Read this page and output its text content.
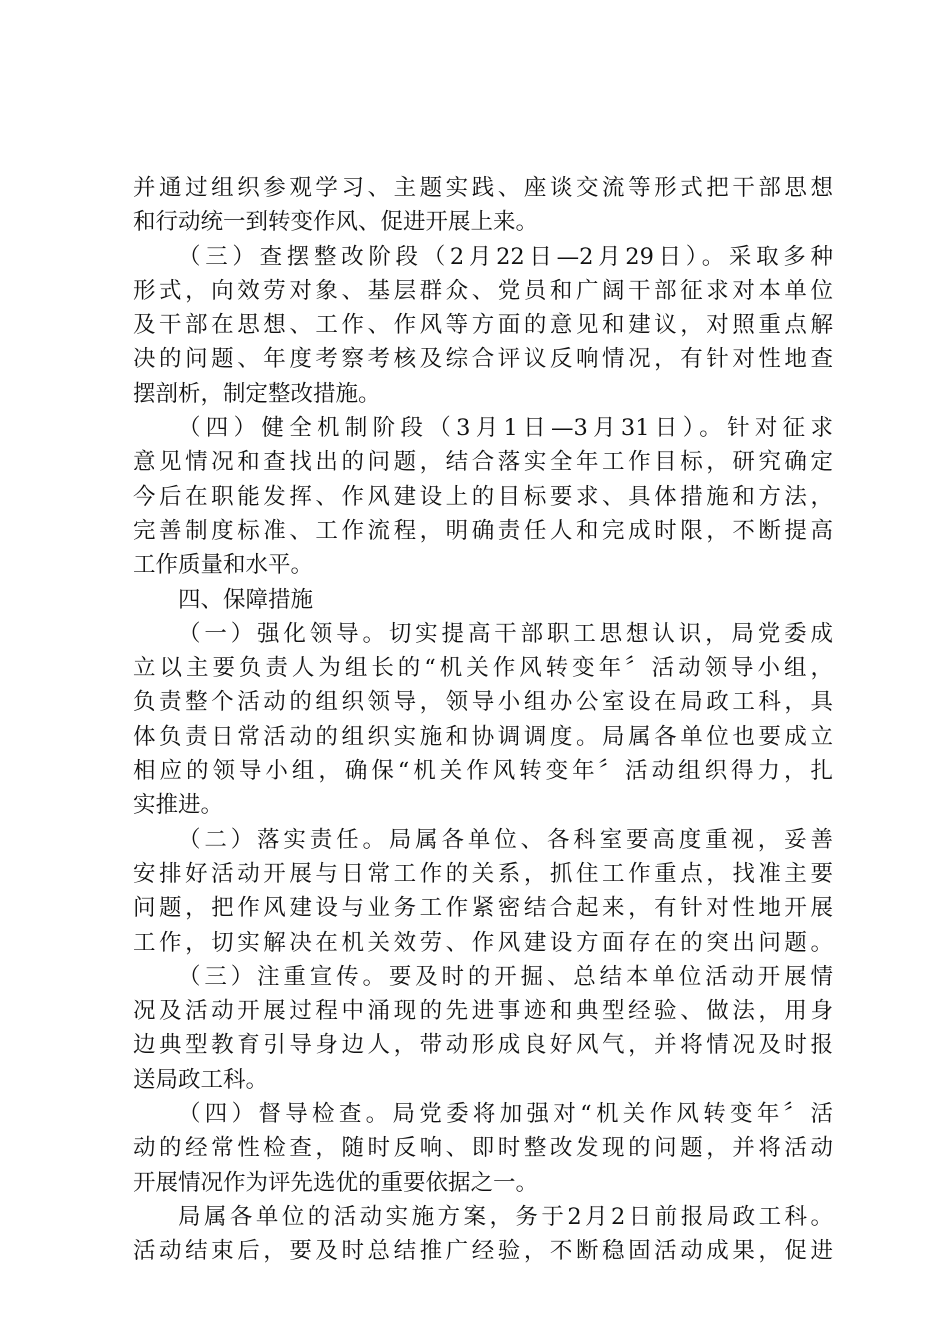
并通过组织参观学习、主题实践、座谈交流等形式把干部思想
和行动统一到转变作风、促进开展上来。
（三）查摆整改阶段（2月22日—2月29日）。采取多种
形式，向效劳对象、基层群众、党员和广阔干部征求对本单位
及干部在思想、工作、作风等方面的意见和建议，对照重点解
决的问题、年度考察考核及综合评议反响情况，有针对性地查
摆剖析，制定整改措施。
（四）健全机制阶段（3月1日—3月31日）。针对征求
意见情况和查找出的问题，结合落实全年工作目标，研究确定
今后在职能发挥、作风建设上的目标要求、具体措施和方法，
完善制度标准、工作流程，明确责任人和完成时限，不断提高
工作质量和水平。
四、保障措施
（一）强化领导。切实提高干部职工思想认识，局党委成
立以主要负责人为组长的“机关作风转变年〞活动领导小组，
负责整个活动的组织领导，领导小组办公室设在局政工科，具
体负责日常活动的组织实施和协调调度。局属各单位也要成立
相应的领导小组，确保“机关作风转变年〞活动组织得力，扎
实推进。
（二）落实责任。局属各单位、各科室要高度重视，妥善
安排好活动开展与日常工作的关系，抓住工作重点，找准主要
问题，把作风建设与业务工作紧密结合起来，有针对性地开展
工作，切实解决在机关效劳、作风建设方面存在的突出问题。
（三）注重宣传。要及时的开掘、总结本单位活动开展情
况及活动开展过程中涌现的先进事迹和典型经验、做法，用身
边典型教育引导身边人，带动形成良好风气，并将情况及时报
送局政工科。
（四）督导检查。局党委将加强对“机关作风转变年〞活
动的经常性检查，随时反响、即时整改发现的问题，并将活动
开展情况作为评先选优的重要依据之一。
局属各单位的活动实施方案，务于2月2日前报局政工科。
活动结束后，要及时总结推广经验，不断稳固活动成果，促进
